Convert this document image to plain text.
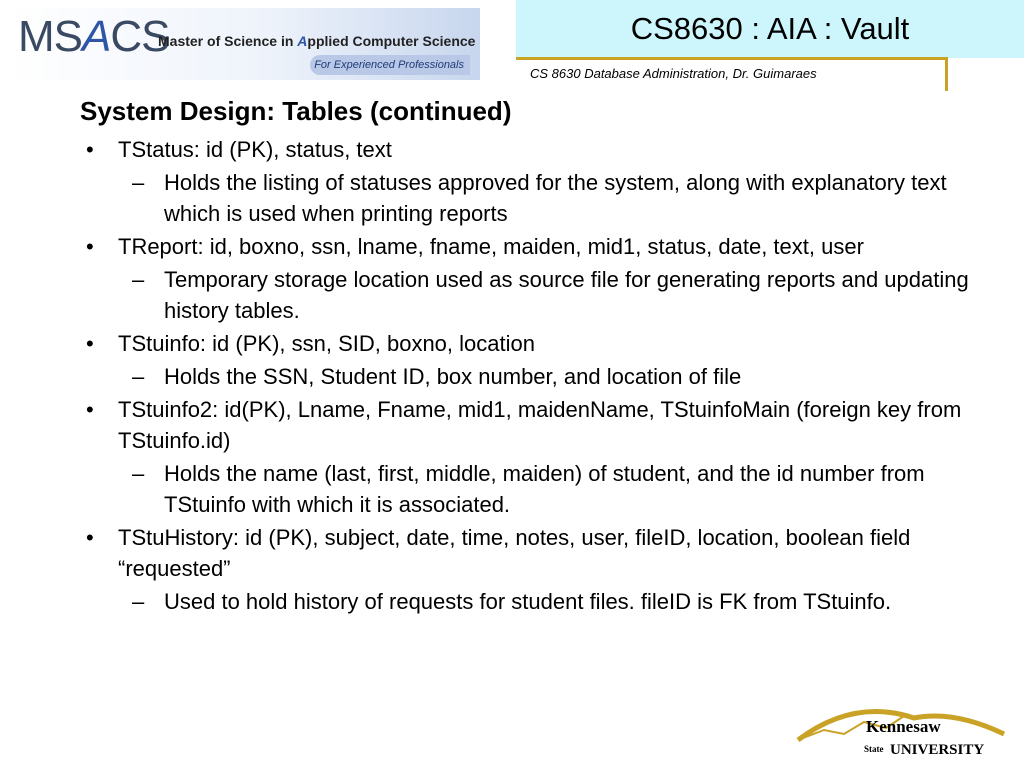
MSACS
Master of Science in Applied Computer Science
For Experienced Professionals
CS8630 : AIA : Vault
CS 8630 Database Administration, Dr. Guimaraes
System Design: Tables (continued)
• TStatus: id (PK), status, text
– Holds the listing of statuses approved for the system, along with explanatory text which is used when printing reports
• TReport: id, boxno, ssn, lname, fname, maiden, mid1, status, date, text, user
– Temporary storage location used as source file for generating reports and updating history tables.
• TStuinfo: id (PK), ssn, SID, boxno, location
– Holds the SSN, Student ID, box number, and location of file
• TStuinfo2: id(PK), Lname, Fname, mid1, maidenName, TStuinfoMain (foreign key from TStuinfo.id)
– Holds the name (last, first, middle, maiden) of student, and the id number from TStuinfo with which it is associated.
• TStuHistory: id (PK), subject, date, time, notes, user, fileID, location, boolean field “requested”
– Used to hold history of requests for student files. fileID is FK from TStuinfo.
Kennesaw
State UNIVERSITY
